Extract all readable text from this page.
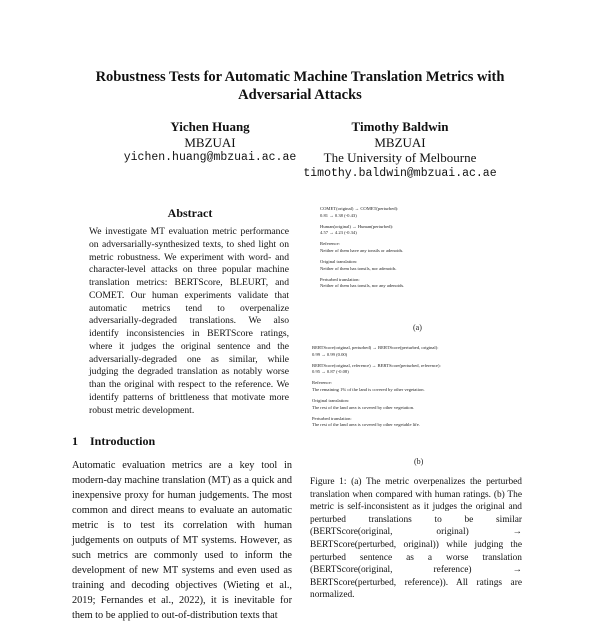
Robustness Tests for Automatic Machine Translation Metrics with Adversarial Attacks
Yichen Huang
MBZUAI
yichen.huang@mbzuai.ac.ae
Timothy Baldwin
MBZUAI
The University of Melbourne
timothy.baldwin@mbzuai.ac.ae
Abstract
We investigate MT evaluation metric performance on adversarially-synthesized texts, to shed light on metric robustness. We experiment with word- and character-level attacks on three popular machine translation metrics: BERTScore, BLEURT, and COMET. Our human experiments validate that automatic metrics tend to overpenalize adversarially-degraded translations. We also identify inconsistencies in BERTScore ratings, where it judges the original sentence and the adversarially-degraded one as similar, while judging the degraded translation as notably worse than the original with respect to the reference. We identify patterns of brittleness that motivate more robust metric development.
1 Introduction
Automatic evaluation metrics are a key tool in modern-day machine translation (MT) as a quick and inexpensive proxy for human judgements. The most common and direct means to evaluate an automatic metric is to test its correlation with human judgements on outputs of MT systems. However, as such metrics are commonly used to inform the development of new MT systems and even used as training and decoding objectives (Wieting et al., 2019; Fernandes et al., 2022), it is inevitable for them to be applied to out-of-distribution texts that
COMET(original) → COMET(perturbed):
0.81 → 0.38 (-0.43)
Human(original) → Human(perturbed):
4.57 → 4.23 (-0.34)
Reference:
Neither of them have any tonsils or adenoids.
Original translation:
Neither of them has tonsils, nor adenoids.
Perturbed translation:
Neither of them has tonsils, nor any adenoids.
(a)
BERTScore(original, perturbed) → BERTScore(perturbed, original):
0.99 → 0.99 (0.00)
BERTScore(original, reference) → BERTScore(perturbed, reference):
0.95 → 0.87 (-0.08)
Reference:
The remaining 1% of the land is covered by other vegetation.
Original translation:
The rest of the land area is covered by other vegetation.
Perturbed translation:
The rest of the land area is covered by other vegetable life.
(b)
Figure 1: (a) The metric overpenalizes the perturbed translation when compared with human ratings. (b) The metric is self-inconsistent as it judges the original and perturbed translations to be similar (BERTScore(original, original) → BERTScore(perturbed, original)) while judging the perturbed sentence as a worse translation (BERTScore(original, reference) → BERTScore(perturbed, reference)). All ratings are normalized.
